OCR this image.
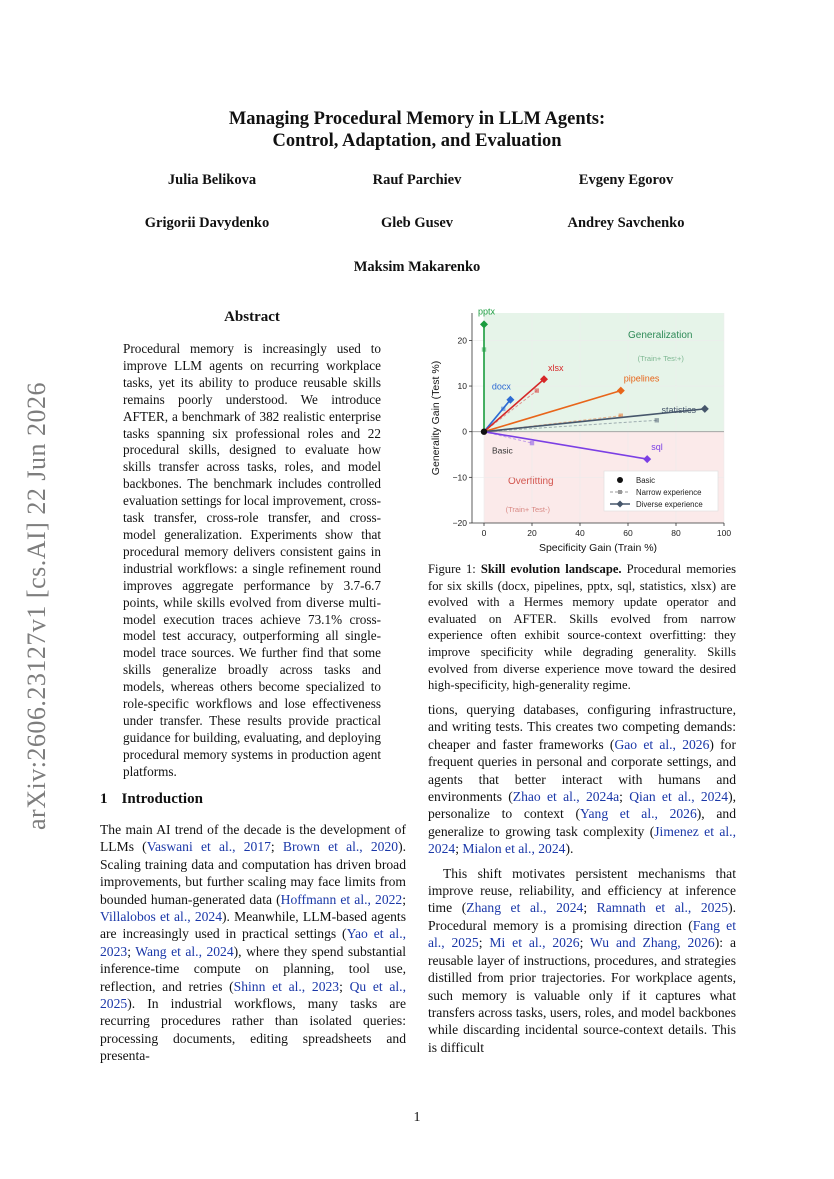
Managing Procedural Memory in LLM Agents:
Control, Adaptation, and Evaluation
Julia Belikova	Rauf Parchiev	Evgeny Egorov
Grigorii Davydenko	Gleb Gusev	Andrey Savchenko
Maksim Makarenko
arXiv:2606.23127v1 [cs.AI] 22 Jun 2026
Abstract
Procedural memory is increasingly used to improve LLM agents on recurring workplace tasks, yet its ability to produce reusable skills remains poorly understood. We introduce AFTER, a benchmark of 382 realistic enterprise tasks spanning six professional roles and 22 procedural skills, designed to evaluate how skills transfer across tasks, roles, and model backbones. The benchmark includes controlled evaluation settings for local improvement, cross-task transfer, cross-role transfer, and cross-model generalization. Experiments show that procedural memory delivers consistent gains in industrial workflows: a single refinement round improves aggregate performance by 3.7-6.7 points, while skills evolved from diverse multi-model execution traces achieve 73.1% cross-model test accuracy, outperforming all single-model trace sources. We further find that some skills generalize broadly across tasks and models, whereas others become specialized to role-specific workflows and lose effectiveness under transfer. These results provide practical guidance for building, evaluating, and deploying procedural memory systems in production agent platforms.
1 Introduction
The main AI trend of the decade is the development of LLMs (Vaswani et al., 2017; Brown et al., 2020). Scaling training data and computation has driven broad improvements, but further scaling may face limits from bounded human-generated data (Hoffmann et al., 2022; Villalobos et al., 2024). Meanwhile, LLM-based agents are increasingly used in practical settings (Yao et al., 2023; Wang et al., 2024), where they spend substantial inference-time compute on planning, tool use, reflection, and retries (Shinn et al., 2023; Qu et al., 2025). In industrial workflows, many tasks are recurring procedures rather than isolated queries: processing documents, editing spreadsheets and presenta-
Generalization
(Train+ Test+)
Overfitting
(Train+ Test-)
pptx
docx
xlsx
pipelines
statistics
sql
Basic
0	20	40	60	80	100
−20
−10
0
10
20
Specificity Gain (Train %)
Generality Gain (Test %)
Basic
Narrow experience
Diverse experience
Figure 1: Skill evolution landscape. Procedural memories for six skills (docx, pipelines, pptx, sql, statistics, xlsx) are evolved with a Hermes memory update operator and evaluated on AFTER. Skills evolved from narrow experience often exhibit source-context overfitting: they improve specificity while degrading generality. Skills evolved from diverse experience move toward the desired high-specificity, high-generality regime.
tions, querying databases, configuring infrastructure, and writing tests. This creates two competing demands: cheaper and faster frameworks (Gao et al., 2026) for frequent queries in personal and corporate settings, and agents that better interact with humans and environments (Zhao et al., 2024a; Qian et al., 2024), personalize to context (Yang et al., 2026), and generalize to growing task complexity (Jimenez et al., 2024; Mialon et al., 2024).
This shift motivates persistent mechanisms that improve reuse, reliability, and efficiency at inference time (Zhang et al., 2024; Ramnath et al., 2025). Procedural memory is a promising direction (Fang et al., 2025; Mi et al., 2026; Wu and Zhang, 2026): a reusable layer of instructions, procedures, and strategies distilled from prior trajectories. For workplace agents, such memory is valuable only if it captures what transfers across tasks, users, roles, and model backbones while discarding incidental source-context details. This is difficult
1
